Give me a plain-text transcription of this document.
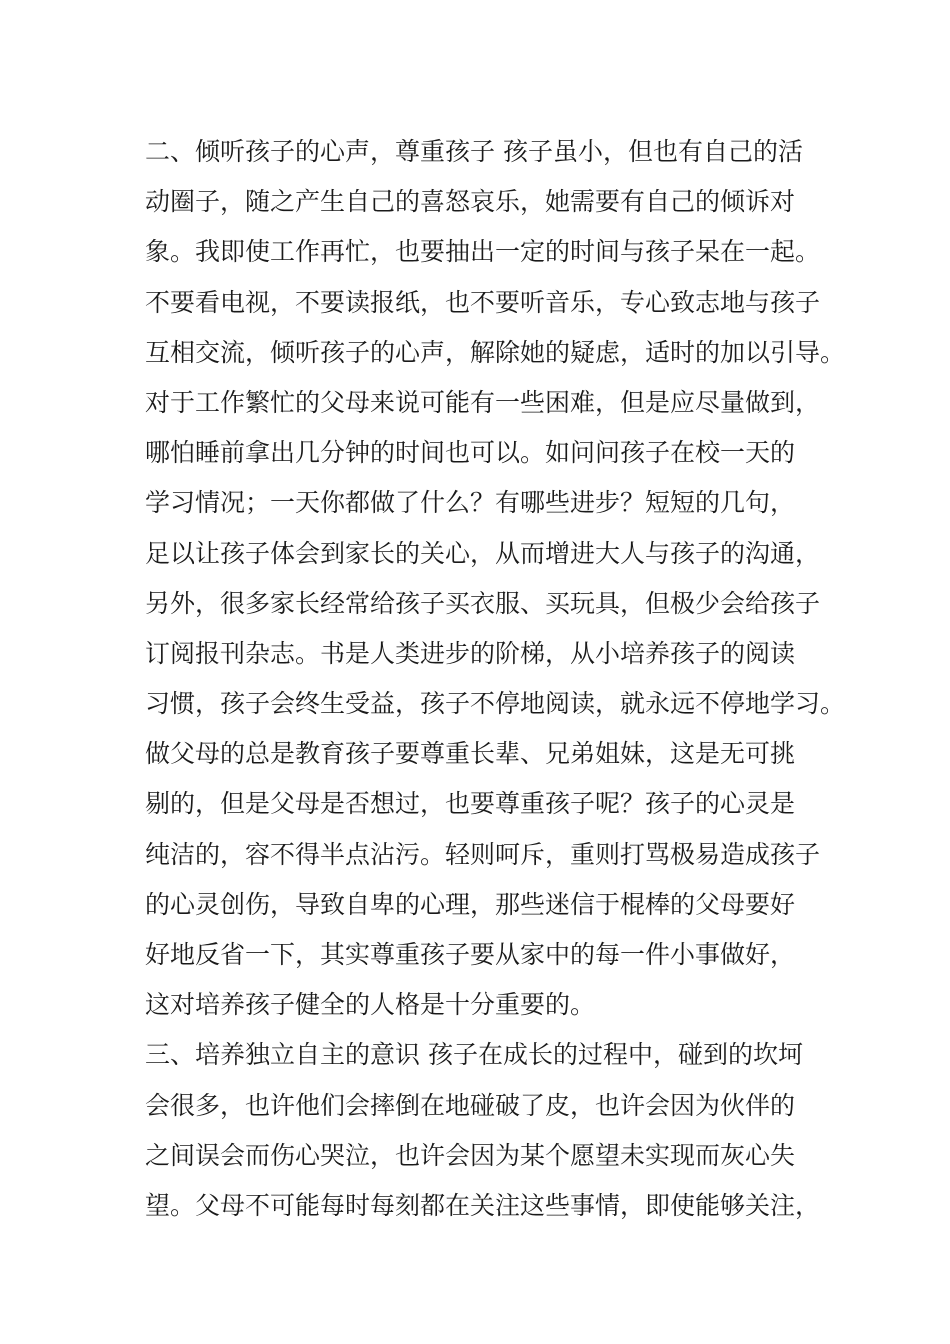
二、倾听孩子的心声，尊重孩子 孩子虽小，但也有自己的活
动圈子，随之产生自己的喜怒哀乐，她需要有自己的倾诉对
象。我即使工作再忙，也要抽出一定的时间与孩子呆在一起。
不要看电视，不要读报纸，也不要听音乐，专心致志地与孩子
互相交流，倾听孩子的心声，解除她的疑虑，适时的加以引导。
对于工作繁忙的父母来说可能有一些困难，但是应尽量做到，
哪怕睡前拿出几分钟的时间也可以。如问问孩子在校一天的
学习情况；一天你都做了什么？有哪些进步？短短的几句，
足以让孩子体会到家长的关心，从而增进大人与孩子的沟通，
另外，很多家长经常给孩子买衣服、买玩具，但极少会给孩子
订阅报刊杂志。书是人类进步的阶梯，从小培养孩子的阅读
习惯，孩子会终生受益，孩子不停地阅读，就永远不停地学习。
做父母的总是教育孩子要尊重长辈、兄弟姐妹，这是无可挑
剔的，但是父母是否想过，也要尊重孩子呢？孩子的心灵是
纯洁的，容不得半点沾污。轻则呵斥，重则打骂极易造成孩子
的心灵创伤，导致自卑的心理，那些迷信于棍棒的父母要好
好地反省一下，其实尊重孩子要从家中的每一件小事做好，
这对培养孩子健全的人格是十分重要的。
三、培养独立自主的意识 孩子在成长的过程中，碰到的坎坷
会很多，也许他们会摔倒在地碰破了皮，也许会因为伙伴的
之间误会而伤心哭泣，也许会因为某个愿望未实现而灰心失
望。父母不可能每时每刻都在关注这些事情，即使能够关注，
